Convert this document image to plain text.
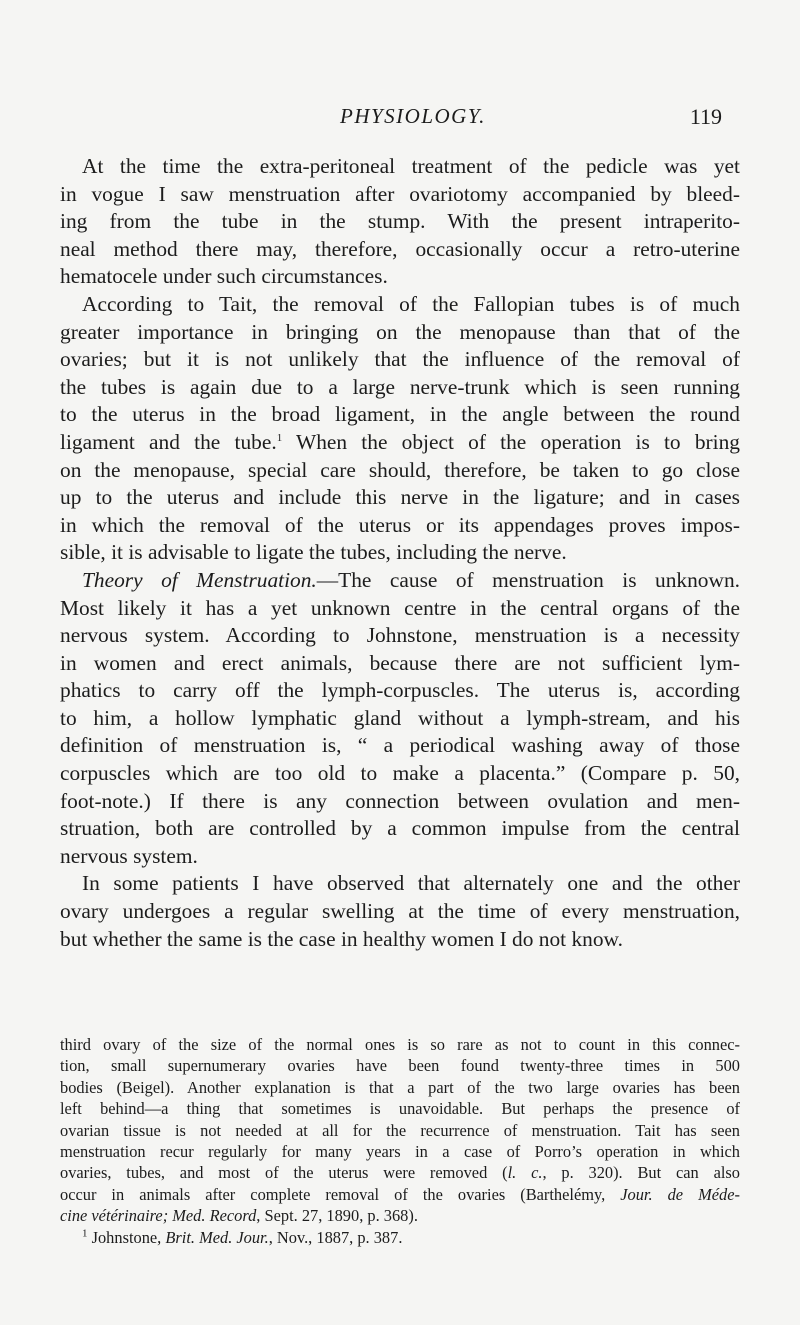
PHYSIOLOGY.	119
At the time the extra-peritoneal treatment of the pedicle was yet
in vogue I saw menstruation after ovariotomy accompanied by bleed-
ing from the tube in the stump. With the present intraperito-
neal method there may, therefore, occasionally occur a retro-uterine
hematocele under such circumstances.
According to Tait, the removal of the Fallopian tubes is of much
greater importance in bringing on the menopause than that of the
ovaries; but it is not unlikely that the influence of the removal of
the tubes is again due to a large nerve-trunk which is seen running
to the uterus in the broad ligament, in the angle between the round
ligament and the tube.$^1$ When the object of the operation is to bring
on the menopause, special care should, therefore, be taken to go close
up to the uterus and include this nerve in the ligature; and in cases
in which the removal of the uterus or its appendages proves impos-
sible, it is advisable to ligate the tubes, including the nerve.
Theory of Menstruation.—The cause of menstruation is unknown.
Most likely it has a yet unknown centre in the central organs of the
nervous system. According to Johnstone, menstruation is a necessity
in women and erect animals, because there are not sufficient lym-
phatics to carry off the lymph-corpuscles. The uterus is, according
to him, a hollow lymphatic gland without a lymph-stream, and his
definition of menstruation is, “ a periodical washing away of those
corpuscles which are too old to make a placenta.” (Compare p. 50,
foot-note.) If there is any connection between ovulation and men-
struation, both are controlled by a common impulse from the central
nervous system.
In some patients I have observed that alternately one and the other
ovary undergoes a regular swelling at the time of every menstruation,
but whether the same is the case in healthy women I do not know.
third ovary of the size of the normal ones is so rare as not to count in this connec-
tion, small supernumerary ovaries have been found twenty-three times in 500
bodies (Beigel). Another explanation is that a part of the two large ovaries has been
left behind—a thing that sometimes is unavoidable. But perhaps the presence of
ovarian tissue is not needed at all for the recurrence of menstruation. Tait has seen
menstruation recur regularly for many years in a case of Porro’s operation in which
ovaries, tubes, and most of the uterus were removed (l. c., p. 320). But can also
occur in animals after complete removal of the ovaries (Barthelémy, Jour. de Méde-
cine vétérinaire; Med. Record, Sept. 27, 1890, p. 368).
$^1$ Johnstone, Brit. Med. Jour., Nov., 1887, p. 387.
